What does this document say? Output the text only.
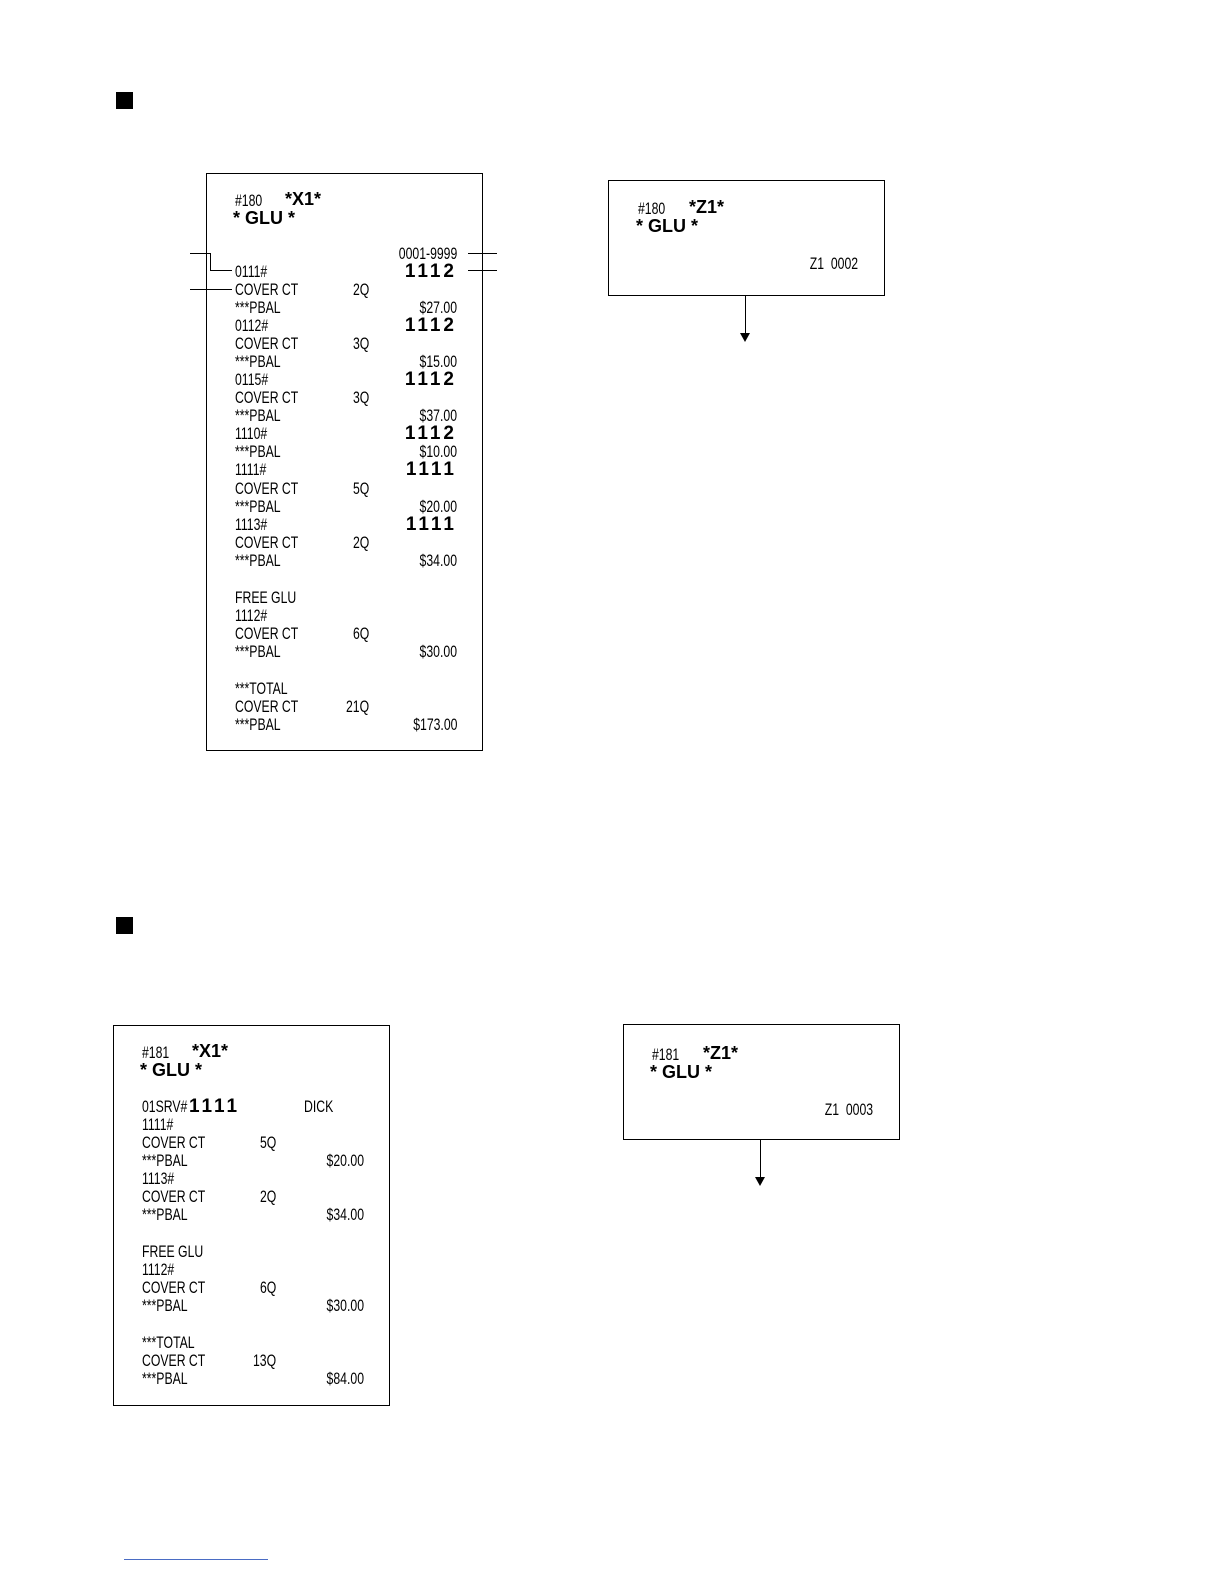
#180 *X1*
* GLU *
0001-9999
0111#	1112
COVER CT	2Q
***PBAL	$27.00
0112#	1112
COVER CT	3Q
***PBAL	$15.00
0115#	1112
COVER CT	3Q
***PBAL	$37.00
1110#	1112
***PBAL	$10.00
1111#	1111
COVER CT	5Q
***PBAL	$20.00
1113#	1111
COVER CT	2Q
***PBAL	$34.00
FREE GLU
1112#
COVER CT	6Q
***PBAL	$30.00
***TOTAL
COVER CT	21Q
***PBAL	$173.00
#180 *Z1*
* GLU *
Z1  0002
#181 *X1*
* GLU *
01SRV# 1111	DICK
1111#
COVER CT	5Q
***PBAL	$20.00
1113#
COVER CT	2Q
***PBAL	$34.00
FREE GLU
1112#
COVER CT	6Q
***PBAL	$30.00
***TOTAL
COVER CT	13Q
***PBAL	$84.00
#181 *Z1*
* GLU *
Z1  0003
